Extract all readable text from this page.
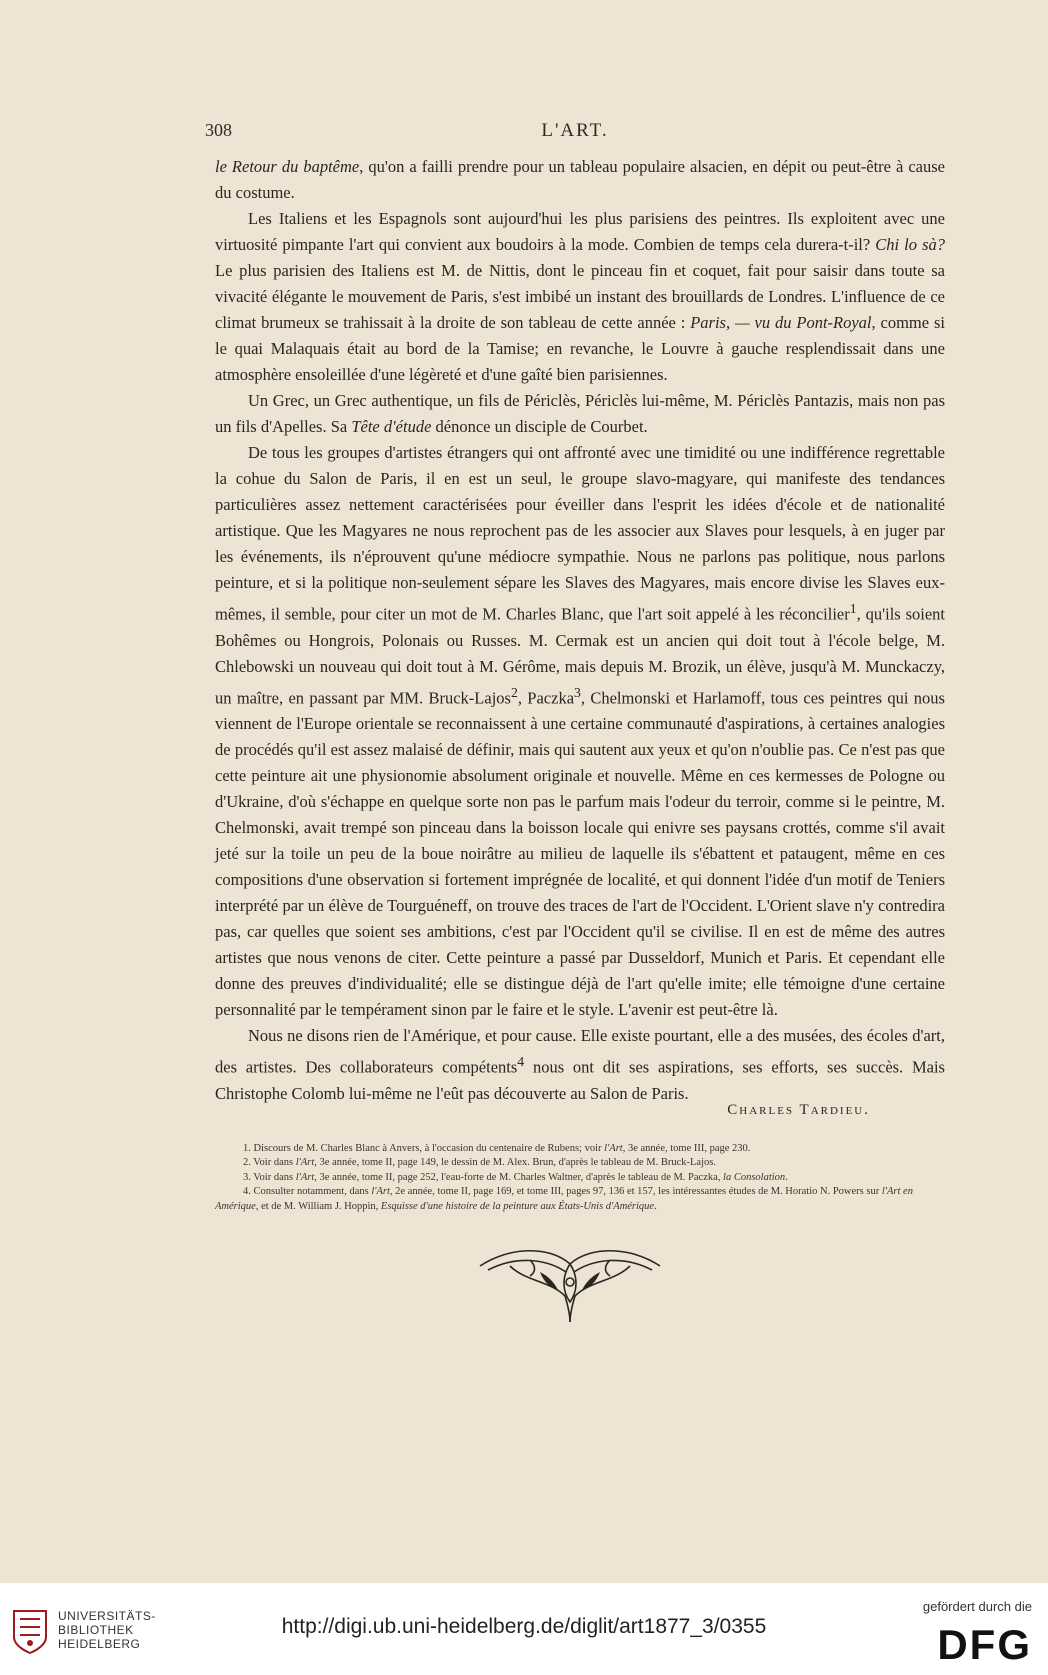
308	L'ART.

le Retour du baptême, qu'on a failli prendre pour un tableau populaire alsacien, en dépit ou peut-être à cause du costume.

Les Italiens et les Espagnols sont aujourd'hui les plus parisiens des peintres. Ils exploitent avec une virtuosité pimpante l'art qui convient aux boudoirs à la mode. Combien de temps cela durera-t-il? Chi lo sà? Le plus parisien des Italiens est M. de Nittis, dont le pinceau fin et coquet, fait pour saisir dans toute sa vivacité élégante le mouvement de Paris, s'est imbibé un instant des brouillards de Londres. L'influence de ce climat brumeux se trahissait à la droite de son tableau de cette année : Paris, — vu du Pont-Royal, comme si le quai Malaquais était au bord de la Tamise; en revanche, le Louvre à gauche resplendissait dans une atmosphère ensoleillée d'une légèreté et d'une gaîté bien parisiennes.

Un Grec, un Grec authentique, un fils de Périclès, Périclès lui-même, M. Périclès Pantazis, mais non pas un fils d'Apelles. Sa Tête d'étude dénonce un disciple de Courbet.

De tous les groupes d'artistes étrangers qui ont affronté avec une timidité ou une indifférence regrettable la cohue du Salon de Paris, il en est un seul, le groupe slavo-magyare, qui manifeste des tendances particulières assez nettement caractérisées pour éveiller dans l'esprit les idées d'école et de nationalité artistique. Que les Magyares ne nous reprochent pas de les associer aux Slaves pour lesquels, à en juger par les événements, ils n'éprouvent qu'une médiocre sympathie. Nous ne parlons pas politique, nous parlons peinture, et si la politique non-seulement sépare les Slaves des Magyares, mais encore divise les Slaves eux-mêmes, il semble, pour citer un mot de M. Charles Blanc, que l'art soit appelé à les réconcilier$^1$, qu'ils soient Bohêmes ou Hongrois, Polonais ou Russes. M. Cermak est un ancien qui doit tout à l'école belge, M. Chlebowski un nouveau qui doit tout à M. Gérôme, mais depuis M. Brozik, un élève, jusqu'à M. Munckaczy, un maître, en passant par MM. Bruck-Lajos$^2$, Paczka$^3$, Chelmonski et Harlamoff, tous ces peintres qui nous viennent de l'Europe orientale se reconnaissent à une certaine communauté d'aspirations, à certaines analogies de procédés qu'il est assez malaisé de définir, mais qui sautent aux yeux et qu'on n'oublie pas. Ce n'est pas que cette peinture ait une physionomie absolument originale et nouvelle. Même en ces kermesses de Pologne ou d'Ukraine, d'où s'échappe en quelque sorte non pas le parfum mais l'odeur du terroir, comme si le peintre, M. Chelmonski, avait trempé son pinceau dans la boisson locale qui enivre ses paysans crottés, comme s'il avait jeté sur la toile un peu de la boue noirâtre au milieu de laquelle ils s'ébattent et pataugent, même en ces compositions d'une observation si fortement imprégnée de localité, et qui donnent l'idée d'un motif de Teniers interprété par un élève de Tourguéneff, on trouve des traces de l'art de l'Occident. L'Orient slave n'y contredira pas, car quelles que soient ses ambitions, c'est par l'Occident qu'il se civilise. Il en est de même des autres artistes que nous venons de citer. Cette peinture a passé par Dusseldorf, Munich et Paris. Et cependant elle donne des preuves d'individualité; elle se distingue déjà de l'art qu'elle imite; elle témoigne d'une certaine personnalité par le tempérament sinon par le faire et le style. L'avenir est peut-être là.

Nous ne disons rien de l'Amérique, et pour cause. Elle existe pourtant, elle a des musées, des écoles d'art, des artistes. Des collaborateurs compétents$^4$ nous ont dit ses aspirations, ses efforts, ses succès. Mais Christophe Colomb lui-même ne l'eût pas découverte au Salon de Paris.

Charles Tardieu.
1. Discours de M. Charles Blanc à Anvers, à l'occasion du centenaire de Rubens; voir l'Art, 3e année, tome III, page 230.
2. Voir dans l'Art, 3e année, tome II, page 149, le dessin de M. Alex. Brun, d'après le tableau de M. Bruck-Lajos.
3. Voir dans l'Art, 3e année, tome II, page 252, l'eau-forte de M. Charles Waltner, d'après le tableau de M. Paczka, la Consolation.
4. Consulter notamment, dans l'Art, 2e année, tome II, page 169, et tome III, pages 97, 136 et 157, les intéressantes études de M. Horatio N. Powers sur l'Art en Amérique, et de M. William J. Hoppin, Esquisse d'une histoire de la peinture aux États-Unis d'Amérique.
UNIVERSITÄTS-
BIBLIOTHEK
HEIDELBERG
http://digi.ub.uni-heidelberg.de/diglit/art1877_3/0355
gefördert durch die
DFG
